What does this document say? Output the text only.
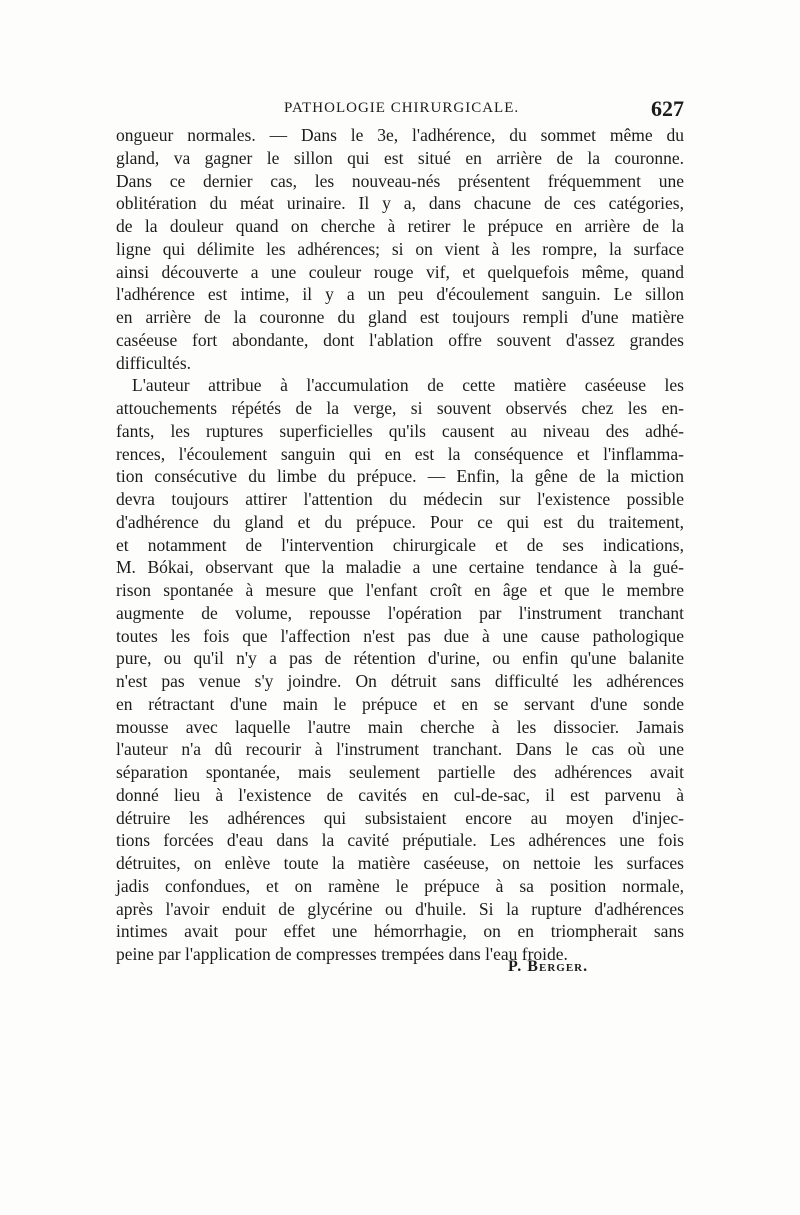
PATHOLOGIE CHIRURGICALE.	627
ongueur normales. — Dans le 3e, l'adhérence, du sommet même du
gland, va gagner le sillon qui est situé en arrière de la couronne.
Dans ce dernier cas, les nouveau-nés présentent fréquemment une
oblitération du méat urinaire. Il y a, dans chacune de ces catégories,
de la douleur quand on cherche à retirer le prépuce en arrière de la
ligne qui délimite les adhérences; si on vient à les rompre, la surface
ainsi découverte a une couleur rouge vif, et quelquefois même, quand
l'adhérence est intime, il y a un peu d'écoulement sanguin. Le sillon
en arrière de la couronne du gland est toujours rempli d'une matière
caséeuse fort abondante, dont l'ablation offre souvent d'assez grandes
difficultés.
L'auteur attribue à l'accumulation de cette matière caséeuse les
attouchements répétés de la verge, si souvent observés chez les en-
fants, les ruptures superficielles qu'ils causent au niveau des adhé-
rences, l'écoulement sanguin qui en est la conséquence et l'inflamma-
tion consécutive du limbe du prépuce. — Enfin, la gêne de la miction
devra toujours attirer l'attention du médecin sur l'existence possible
d'adhérence du gland et du prépuce. Pour ce qui est du traitement,
et notamment de l'intervention chirurgicale et de ses indications,
M. Bókai, observant que la maladie a une certaine tendance à la gué-
rison spontanée à mesure que l'enfant croît en âge et que le membre
augmente de volume, repousse l'opération par l'instrument tranchant
toutes les fois que l'affection n'est pas due à une cause pathologique
pure, ou qu'il n'y a pas de rétention d'urine, ou enfin qu'une balanite
n'est pas venue s'y joindre. On détruit sans difficulté les adhérences
en rétractant d'une main le prépuce et en se servant d'une sonde
mousse avec laquelle l'autre main cherche à les dissocier. Jamais
l'auteur n'a dû recourir à l'instrument tranchant. Dans le cas où une
séparation spontanée, mais seulement partielle des adhérences avait
donné lieu à l'existence de cavités en cul-de-sac, il est parvenu à
détruire les adhérences qui subsistaient encore au moyen d'injec-
tions forcées d'eau dans la cavité préputiale. Les adhérences une fois
détruites, on enlève toute la matière caséeuse, on nettoie les surfaces
jadis confondues, et on ramène le prépuce à sa position normale,
après l'avoir enduit de glycérine ou d'huile. Si la rupture d'adhérences
intimes avait pour effet une hémorrhagie, on en triompherait sans
peine par l'application de compresses trempées dans l'eau froide.
P. Berger.
